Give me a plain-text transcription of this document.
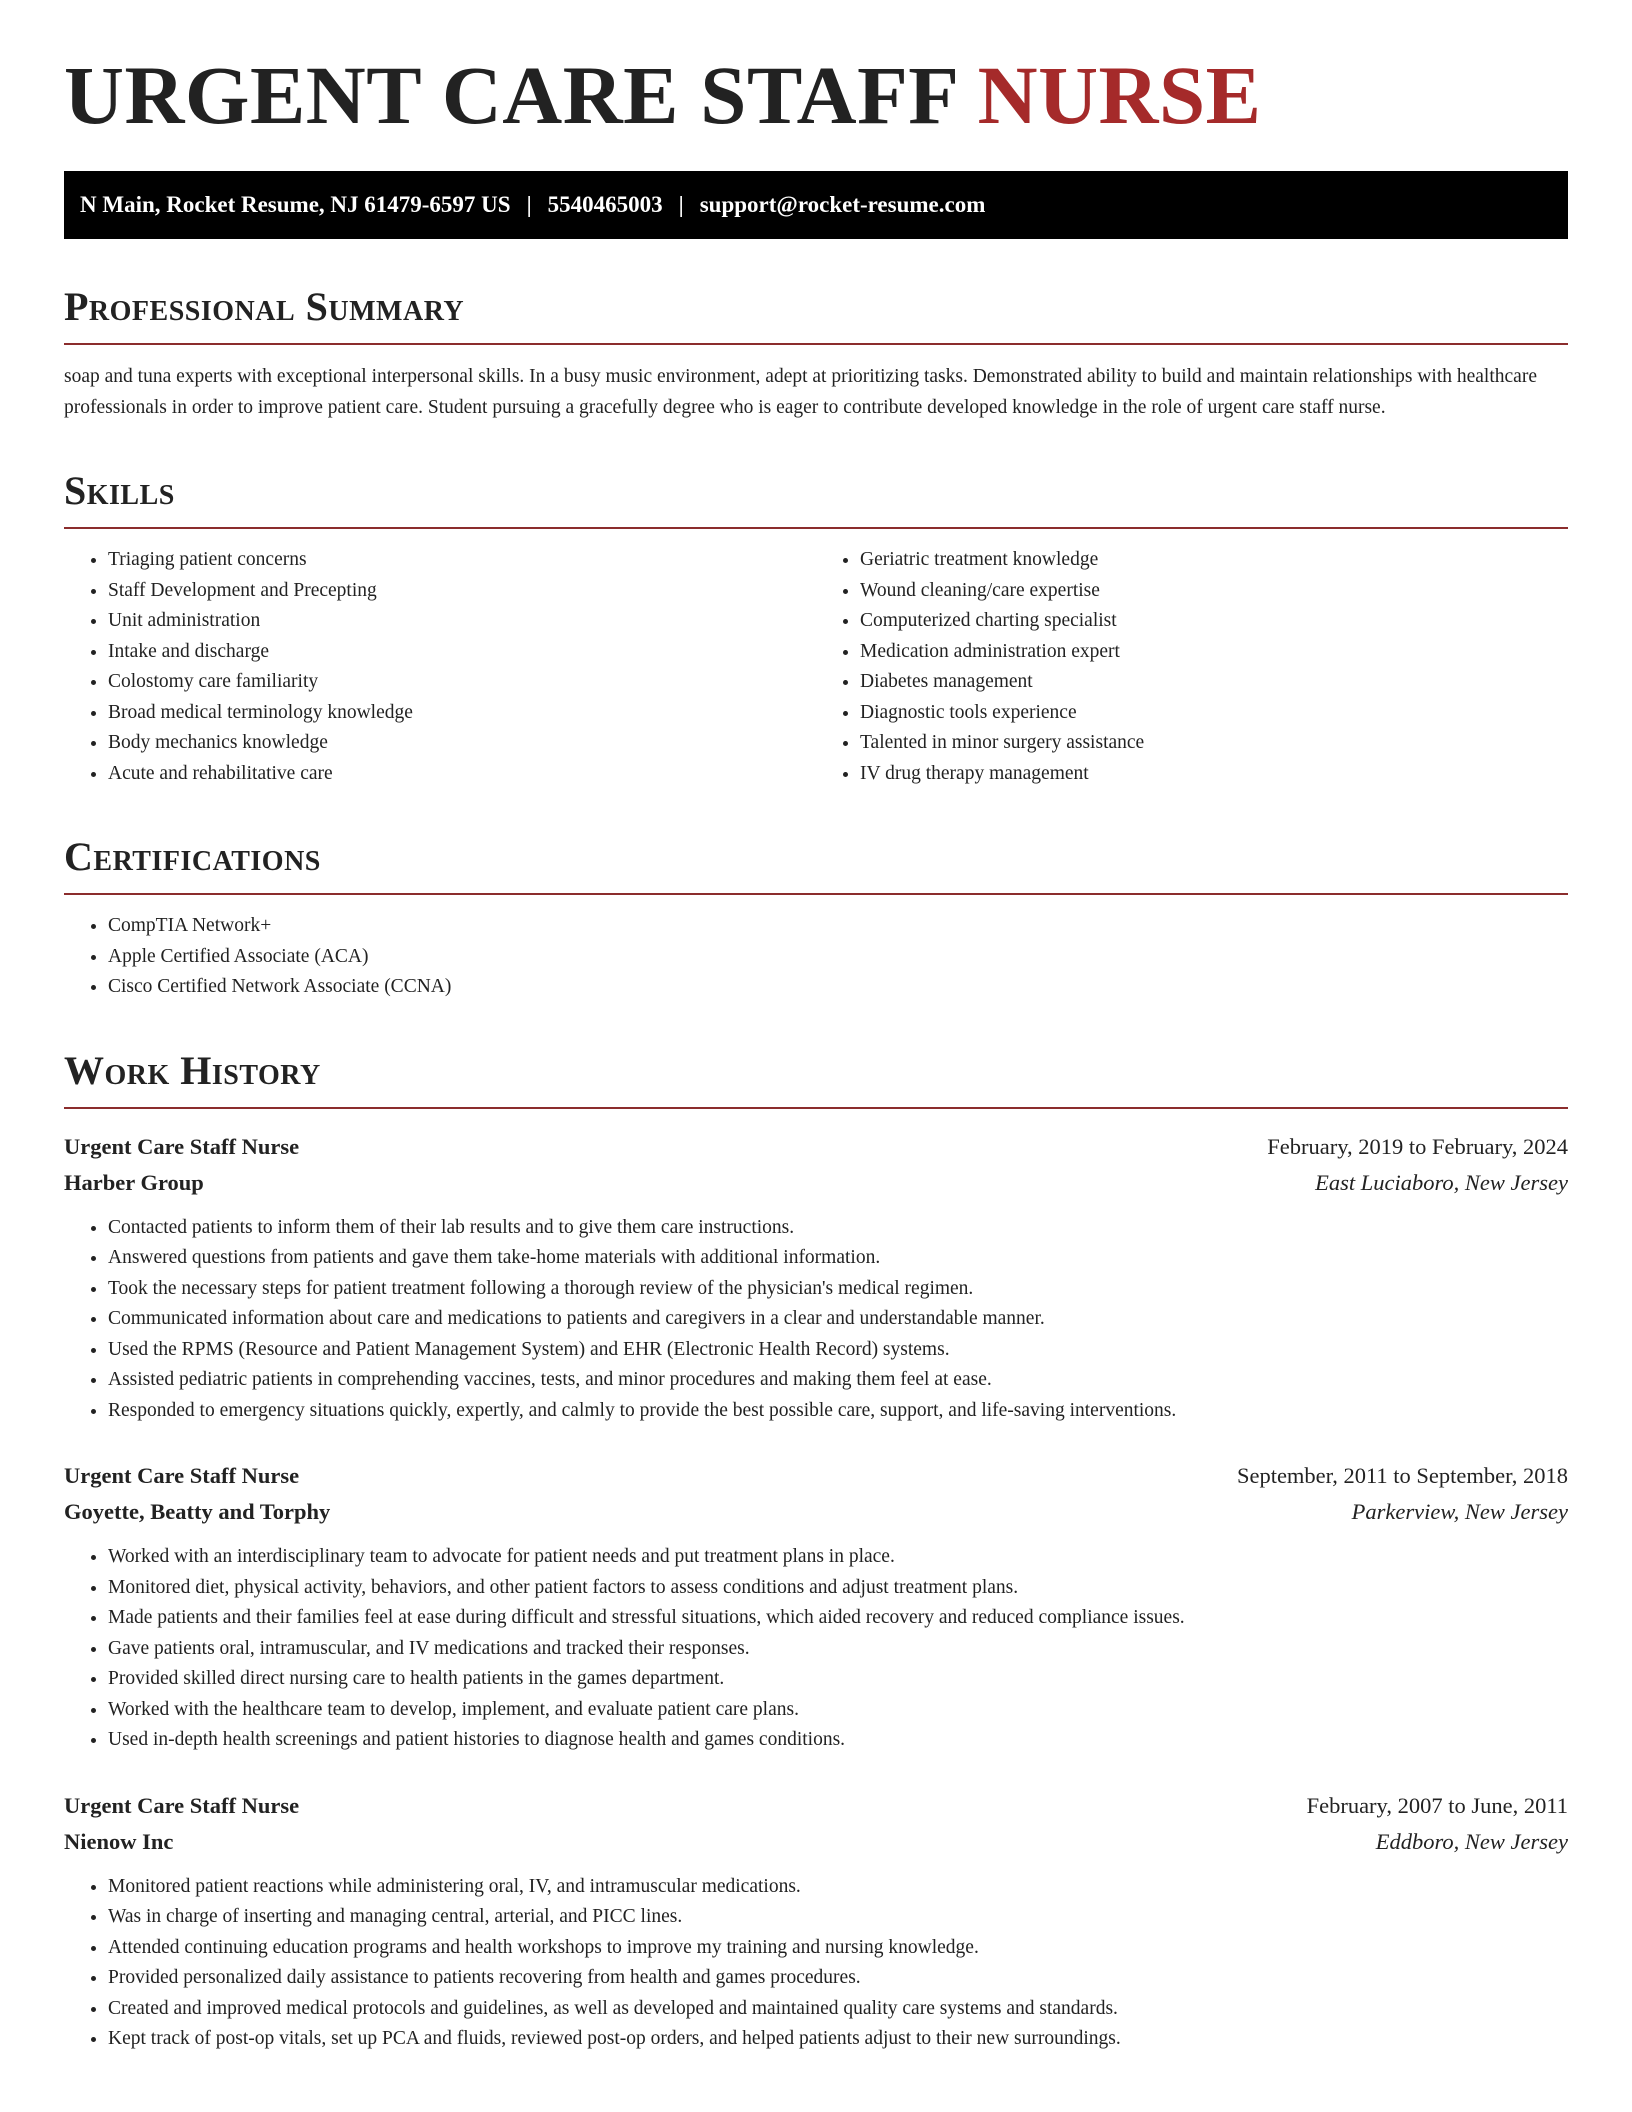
URGENT CARE STAFF NURSE
N Main, Rocket Resume, NJ 61479-6597 US | 5540465003 | support@rocket-resume.com
Professional Summary

soap and tuna experts with exceptional interpersonal skills. In a busy music environment, adept at prioritizing tasks. Demonstrated ability to build and maintain relationships with healthcare professionals in order to improve patient care. Student pursuing a gracefully degree who is eager to contribute developed knowledge in the role of urgent care staff nurse.

Skills
• Triaging patient concerns
• Staff Development and Precepting
• Unit administration
• Intake and discharge
• Colostomy care familiarity
• Broad medical terminology knowledge
• Body mechanics knowledge
• Acute and rehabilitative care
• Geriatric treatment knowledge
• Wound cleaning/care expertise
• Computerized charting specialist
• Medication administration expert
• Diabetes management
• Diagnostic tools experience
• Talented in minor surgery assistance
• IV drug therapy management
Certifications
• CompTIA Network+
• Apple Certified Associate (ACA)
• Cisco Certified Network Associate (CCNA)
Work History
Urgent Care Staff Nurse	February, 2019 to February, 2024
Harber Group	East Luciaboro, New Jersey
• Contacted patients to inform them of their lab results and to give them care instructions.
• Answered questions from patients and gave them take-home materials with additional information.
• Took the necessary steps for patient treatment following a thorough review of the physician's medical regimen.
• Communicated information about care and medications to patients and caregivers in a clear and understandable manner.
• Used the RPMS (Resource and Patient Management System) and EHR (Electronic Health Record) systems.
• Assisted pediatric patients in comprehending vaccines, tests, and minor procedures and making them feel at ease.
• Responded to emergency situations quickly, expertly, and calmly to provide the best possible care, support, and life-saving interventions.
Urgent Care Staff Nurse	September, 2011 to September, 2018
Goyette, Beatty and Torphy	Parkerview, New Jersey
• Worked with an interdisciplinary team to advocate for patient needs and put treatment plans in place.
• Monitored diet, physical activity, behaviors, and other patient factors to assess conditions and adjust treatment plans.
• Made patients and their families feel at ease during difficult and stressful situations, which aided recovery and reduced compliance issues.
• Gave patients oral, intramuscular, and IV medications and tracked their responses.
• Provided skilled direct nursing care to health patients in the games department.
• Worked with the healthcare team to develop, implement, and evaluate patient care plans.
• Used in-depth health screenings and patient histories to diagnose health and games conditions.
Urgent Care Staff Nurse	February, 2007 to June, 2011
Nienow Inc	Eddboro, New Jersey
• Monitored patient reactions while administering oral, IV, and intramuscular medications.
• Was in charge of inserting and managing central, arterial, and PICC lines.
• Attended continuing education programs and health workshops to improve my training and nursing knowledge.
• Provided personalized daily assistance to patients recovering from health and games procedures.
• Created and improved medical protocols and guidelines, as well as developed and maintained quality care systems and standards.
• Kept track of post-op vitals, set up PCA and fluids, reviewed post-op orders, and helped patients adjust to their new surroundings.
